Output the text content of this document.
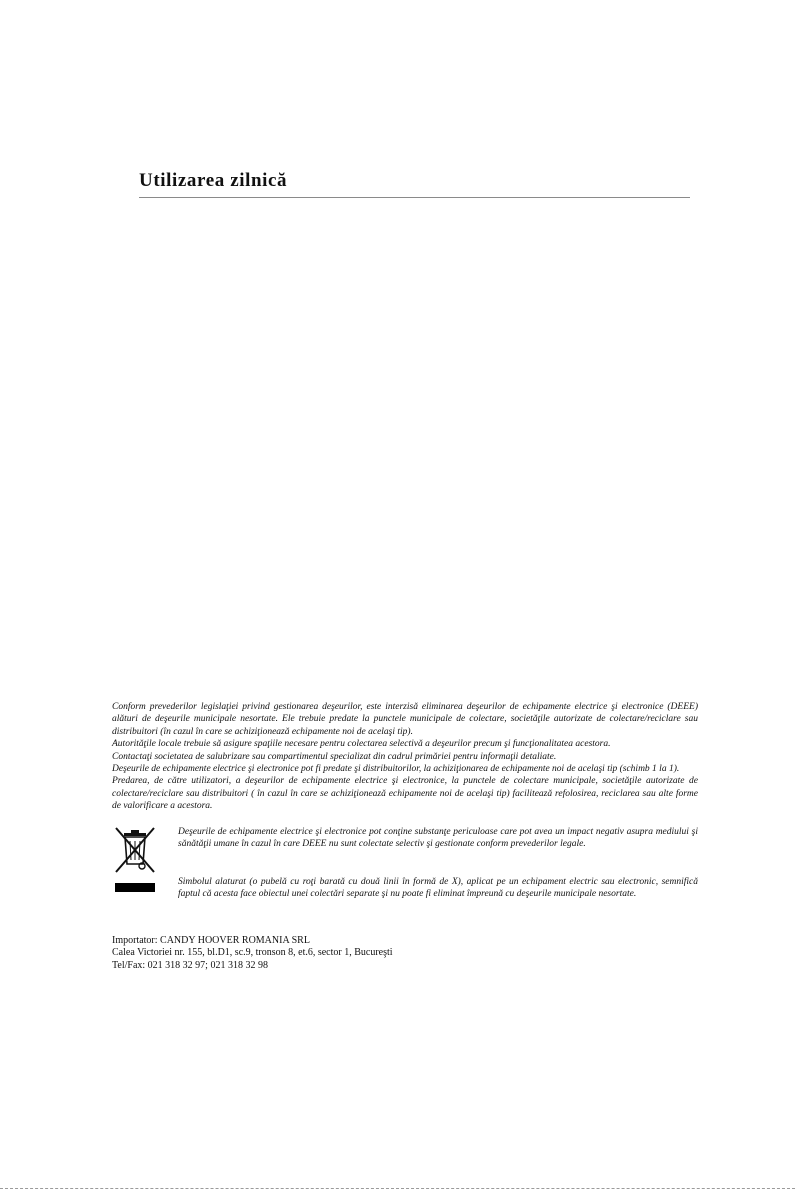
Utilizarea zilnică

Conform prevederilor legislaţiei privind gestionarea deşeurilor, este interzisă eliminarea deşeurilor de echipamente electrice şi electronice (DEEE) alături de deşeurile municipale nesortate. Ele trebuie predate la punctele municipale de colectare, societăţile autorizate de colectare/reciclare sau distribuitori (în cazul în care se achiziţionează echipamente noi de acelaşi tip).

Autorităţile locale trebuie să asigure spaţiile necesare pentru colectarea selectivă a deşeurilor precum şi funcţionalitatea acestora.

Contactaţi societatea de salubrizare sau compartimentul specializat din cadrul primăriei pentru informaţii detaliate.

Deşeurile de echipamente electrice şi electronice pot fi predate şi distribuitorilor, la achiziţionarea de echipamente noi de acelaşi tip (schimb 1 la 1).

Predarea, de către utilizatori, a deşeurilor de echipamente electrice şi electronice, la punctele de colectare municipale, societăţile autorizate de colectare/reciclare sau distribuitori ( în cazul în care se achiziţionează echipamente noi de acelaşi tip) facilitează refolosirea, reciclarea sau alte forme de valorificare a acestora.

Deşeurile de echipamente electrice şi electronice pot conţine substanţe periculoase care pot avea un impact negativ asupra mediului şi sănătăţii umane în cazul în care DEEE nu sunt colectate selectiv şi gestionate conform prevederilor legale.

Simbolul alaturat (o pubelă cu roţi barată cu două linii în formă de X), aplicat pe un echipament electric sau electronic, semnifică faptul că acesta face obiectul unei colectări separate şi nu poate fi eliminat împreună cu deşeurile municipale nesortate.

Importator: CANDY HOOVER ROMANIA SRL
Calea Victoriei nr. 155, bl.D1, sc.9, tronson 8, et.6, sector 1, Bucureşti
Tel/Fax: 021 318 32 97; 021 318 32 98
